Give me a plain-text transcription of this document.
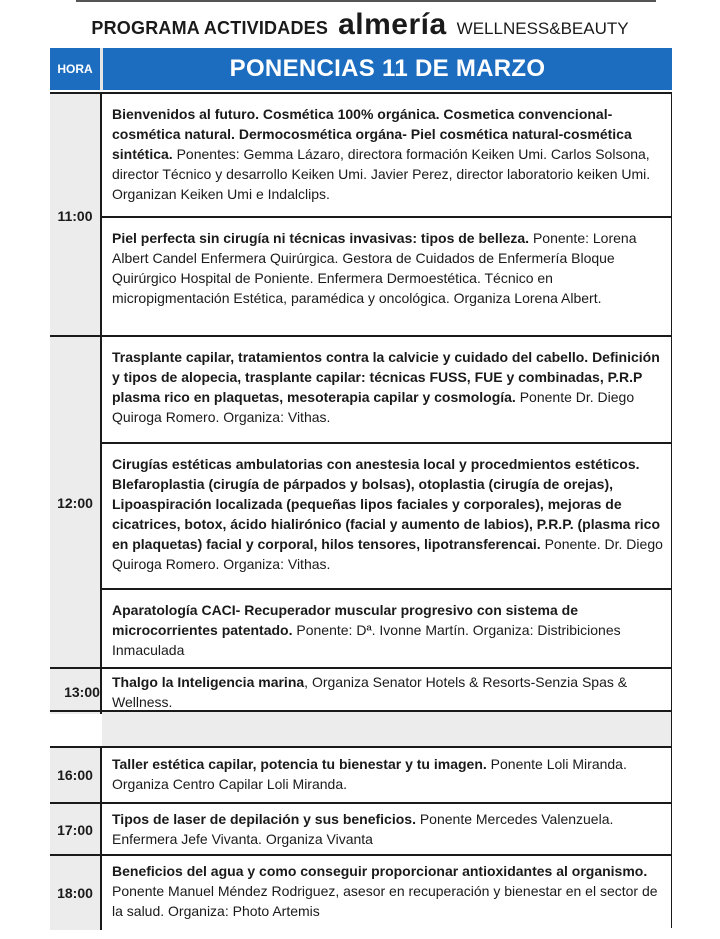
PROGRAMA ACTIVIDADES almería WELLNESS&BEAUTY
HORA	PONENCIAS 11 DE MARZO
11:00
Bienvenidos al futuro. Cosmética 100% orgánica. Cosmetica convencional-cosmética natural. Dermocosmética orgána- Piel cosmética natural-cosmética sintética. Ponentes: Gemma Lázaro, directora formación Keiken Umi. Carlos Solsona, director Técnico y desarrollo Keiken Umi. Javier Perez, director laboratorio keiken Umi. Organizan Keiken Umi e Indalclips.
Piel perfecta sin cirugía ni técnicas invasivas: tipos de belleza. Ponente: Lorena Albert Candel Enfermera Quirúrgica. Gestora de Cuidados de Enfermería Bloque Quirúrgico Hospital de Poniente. Enfermera Dermoestética. Técnico en micropigmentación Estética, paramédica y oncológica. Organiza Lorena Albert.
12:00
Trasplante capilar, tratamientos contra la calvicie y cuidado del cabello. Definición y tipos de alopecia, trasplante capilar: técnicas FUSS, FUE y combinadas, P.R.P plasma rico en plaquetas, mesoterapia capilar y cosmología. Ponente Dr. Diego Quiroga Romero. Organiza: Vithas.
Cirugías estéticas ambulatorias con anestesia local y procedmientos estéticos. Blefaroplastia (cirugía de párpados y bolsas), otoplastia (cirugía de orejas), Lipoaspiración localizada (pequeñas lipos faciales y corporales), mejoras de cicatrices, botox, ácido hialirónico (facial y aumento de labios), P.R.P. (plasma rico en plaquetas) facial y corporal, hilos tensores, lipotransferencai. Ponente. Dr. Diego Quiroga Romero. Organiza: Vithas.
Aparatología CACI- Recuperador muscular progresivo con sistema de microcorrientes patentado. Ponente: Dª. Ivonne Martín. Organiza: Distribiciones Inmaculada
13:00
Thalgo la Inteligencia marina, Organiza Senator Hotels & Resorts-Senzia Spas & Wellness.
16:00
Taller estética capilar, potencia tu bienestar y tu imagen. Ponente Loli Miranda. Organiza Centro Capilar Loli Miranda.
17:00
Tipos de laser de depilación y sus beneficios. Ponente Mercedes Valenzuela. Enfermera Jefe Vivanta. Organiza Vivanta
18:00
Beneficios del agua y como conseguir proporcionar antioxidantes al organismo. Ponente Manuel Méndez Rodriguez, asesor en recuperación y bienestar en el sector de la salud. Organiza: Photo Artemis
